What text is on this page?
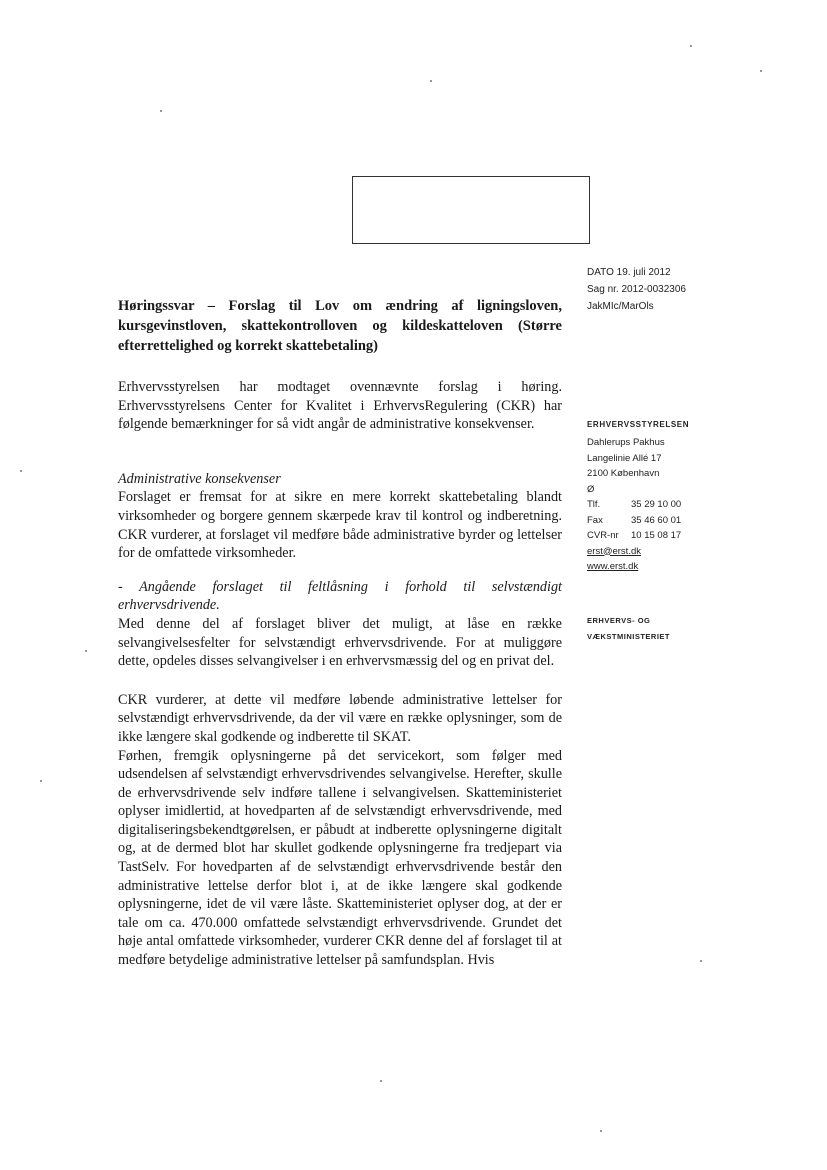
DATO 19. juli 2012
Sag nr. 2012-0032306
JakMIc/MarOls
ERHVERVSSTYRELSEN
Dahlerups Pakhus
Langelinie Allé 17
2100 København
Ø
Tlf.	35 29 10 00
Fax	35 46 60 01
CVR-nr	10 15 08 17
erst@erst.dk
www.erst.dk
ERHVERVS- OG
VÆKSTMINISTERIET
Høringssvar – Forslag til Lov om ændring af ligningsloven, kursgevinstloven, skattekontrolloven og kildeskatteloven (Større efterrettelighed og korrekt skattebetaling)

Erhvervsstyrelsen har modtaget ovennævnte forslag i høring. Erhvervsstyrelsens Center for Kvalitet i ErhvervsRegulering (CKR) har følgende bemærkninger for så vidt angår de administrative konsekvenser.

Administrative konsekvenser

Forslaget er fremsat for at sikre en mere korrekt skattebetaling blandt virksomheder og borgere gennem skærpede krav til kontrol og indberetning. CKR vurderer, at forslaget vil medføre både administrative byrder og lettelser for de omfattede virksomheder.

- Angående forslaget til feltlåsning i forhold til selvstændigt erhvervsdrivende.

Med denne del af forslaget bliver det muligt, at låse en række selvangivelsesfelter for selvstændigt erhvervsdrivende. For at muliggøre dette, opdeles disses selvangivelser i en erhvervsmæssig del og en privat del.

CKR vurderer, at dette vil medføre løbende administrative lettelser for selvstændigt erhvervsdrivende, da der vil være en række oplysninger, som de ikke længere skal godkende og indberette til SKAT.

Førhen, fremgik oplysningerne på det servicekort, som følger med udsendelsen af selvstændigt erhvervsdrivendes selvangivelse. Herefter, skulle de erhvervsdrivende selv indføre tallene i selvangivelsen. Skatteministeriet oplyser imidlertid, at hovedparten af de selvstændigt erhvervsdrivende, med digitaliseringsbekendtgørelsen, er påbudt at indberette oplysningerne digitalt og, at de dermed blot har skullet godkende oplysningerne fra tredjepart via TastSelv. For hovedparten af de selvstændigt erhvervsdrivende består den administrative lettelse derfor blot i, at de ikke længere skal godkende oplysningerne, idet de vil være låste. Skatteministeriet oplyser dog, at der er tale om ca. 470.000 omfattede selvstændigt erhvervsdrivende. Grundet det høje antal omfattede virksomheder, vurderer CKR denne del af forslaget til at medføre betydelige administrative lettelser på samfundsplan. Hvis
